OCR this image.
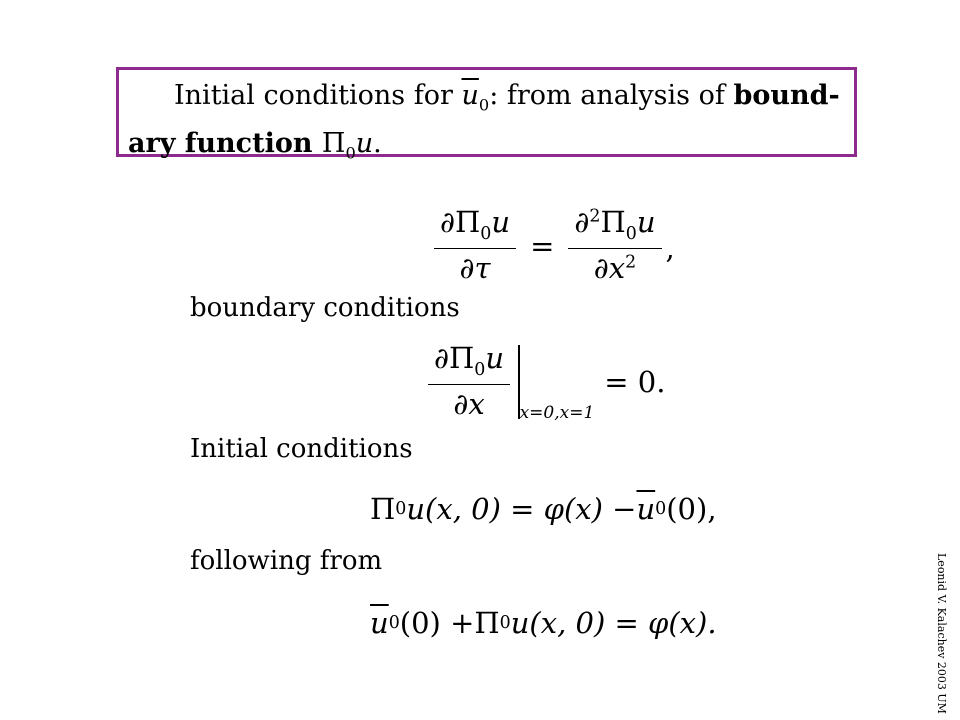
Initial conditions for $\overline{u}_0$: from analysis of bound- ary function $\Pi_0u$.
$\frac{\partial\Pi_0u}{\partial\tau} = \frac{\partial^2\Pi_0u}{\partial x^2}$ ,
boundary conditions
$\frac{\partial\Pi_0u}{\partial x} x=0,x=1$
= 0.
Initial conditions
Π 0 u(x, $0) = \varphi(x) - \overline{u}$ 0 (0),
following from
$\overline{u}$ 0 (0) + Π 0 u(x, 0) = φ(x).	Leonid V. Kalachev 2003 UM
